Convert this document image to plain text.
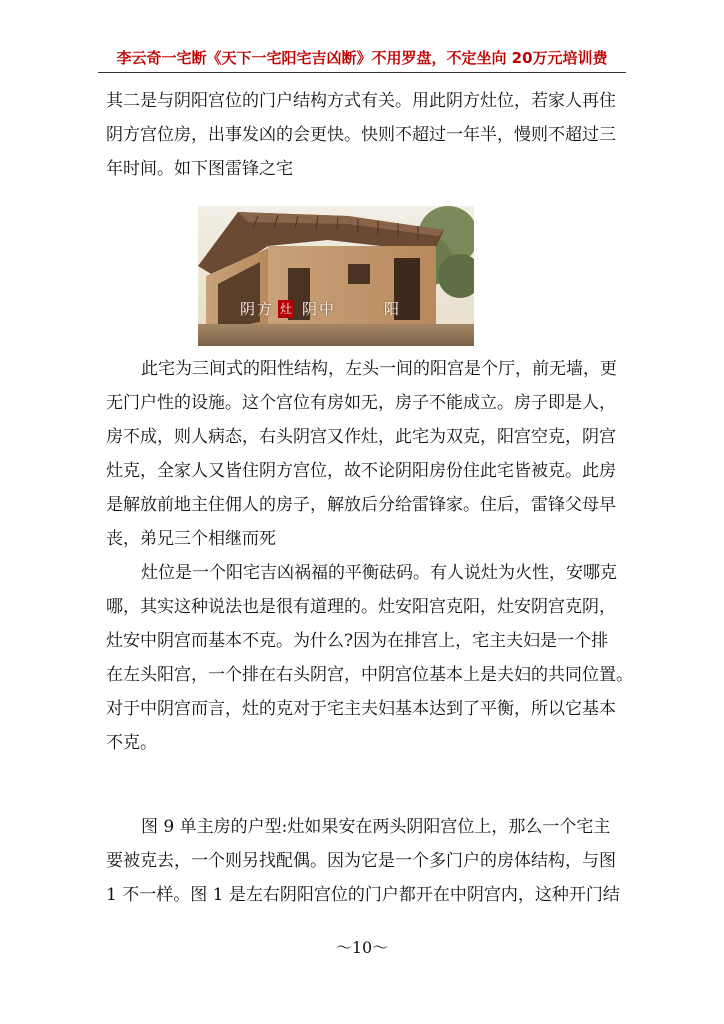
李云奇一宅断《天下一宅阳宅吉凶断》不用罗盘，不定坐向 20万元培训费
其二是与阴阳宫位的门户结构方式有关。用此阴方灶位，若家人再住
阴方宫位房，出事发凶的会更快。快则不超过一年半，慢则不超过三
年时间。如下图雷锋之宅
阴方 灶 阴中	阳
此宅为三间式的阳性结构，左头一间的阳宫是个厅，前无墙，更
无门户性的设施。这个宫位有房如无，房子不能成立。房子即是人，
房不成，则人病态，右头阴宫又作灶，此宅为双克，阳宫空克，阴宫
灶克，全家人又皆住阴方宫位，故不论阴阳房份住此宅皆被克。此房
是解放前地主住佣人的房子，解放后分给雷锋家。住后，雷锋父母早
丧，弟兄三个相继而死
灶位是一个阳宅吉凶祸福的平衡砝码。有人说灶为火性，安哪克
哪，其实这种说法也是很有道理的。灶安阳宫克阳，灶安阴宫克阴，
灶安中阴宫而基本不克。为什么?因为在排宫上，宅主夫妇是一个排
在左头阳宫，一个排在右头阴宫，中阴宫位基本上是夫妇的共同位置。
对于中阴宫而言，灶的克对于宅主夫妇基本达到了平衡，所以它基本
不克。
图 9 单主房的户型:灶如果安在两头阴阳宫位上，那么一个宅主
要被克去，一个则另找配偶。因为它是一个多门户的房体结构，与图
1 不一样。图 1 是左右阴阳宫位的门户都开在中阴宫内，这种开门结
～10～
